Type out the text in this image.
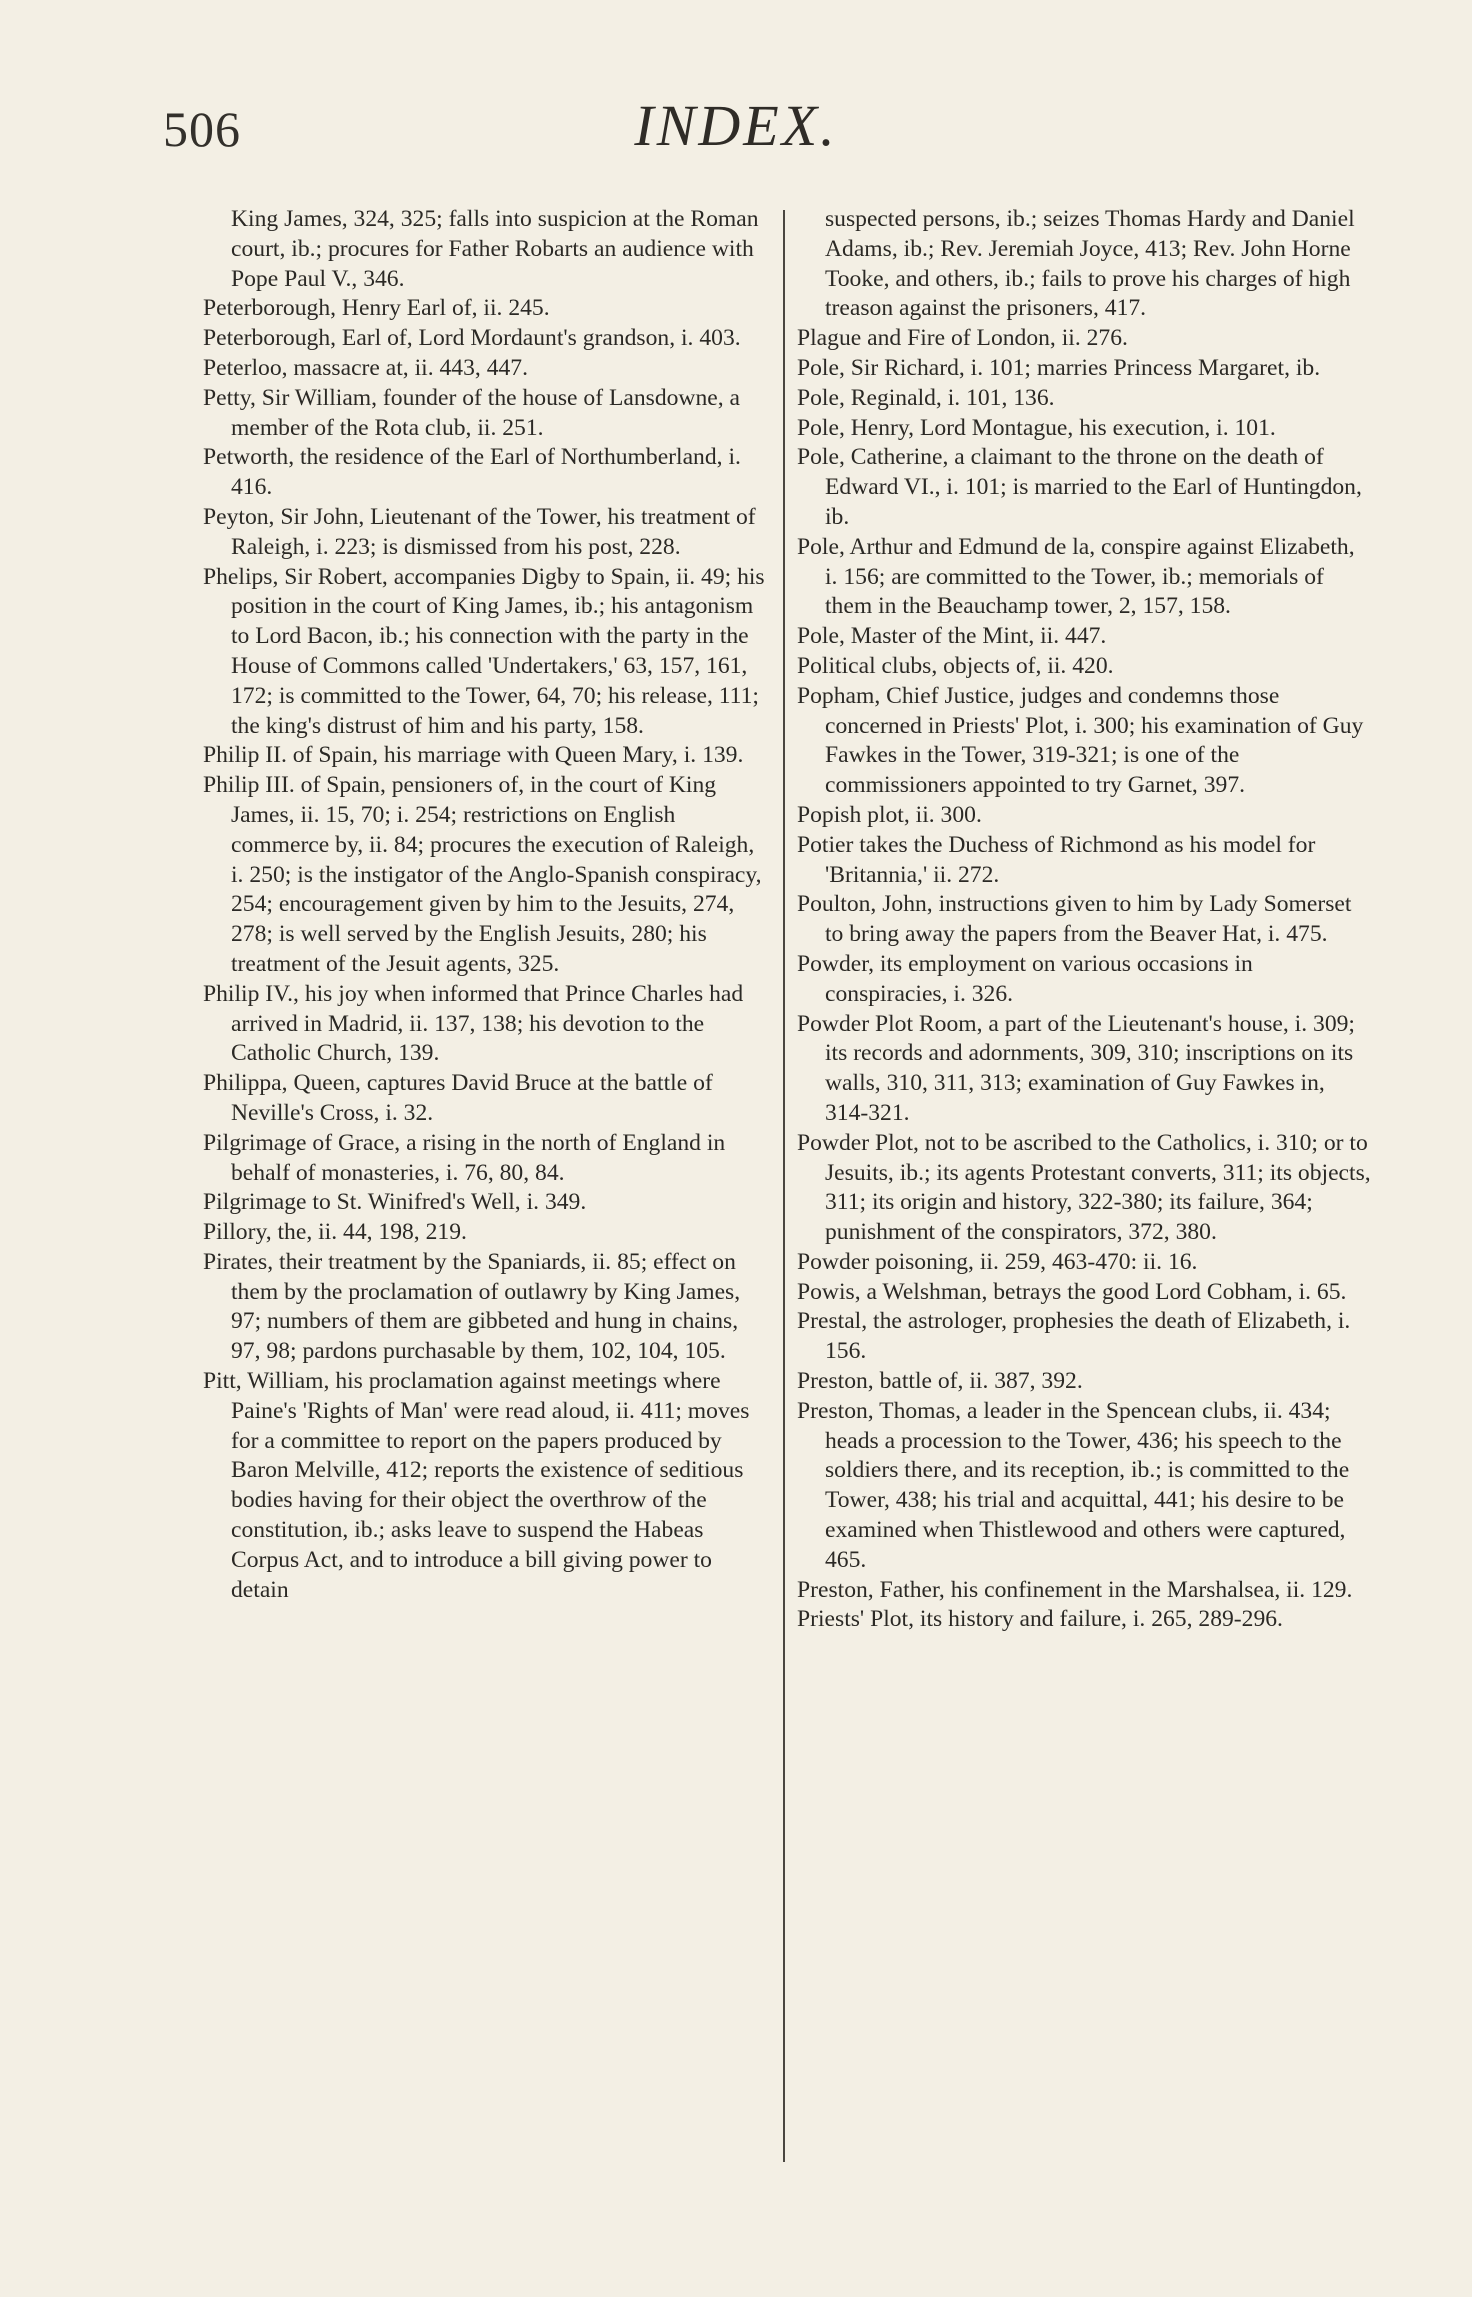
506	INDEX.

King James, 324, 325; falls into suspicion at the Roman court, ib.; procures for Father Robarts an audience with Pope Paul V., 346.

Peterborough, Henry Earl of, ii. 245.

Peterborough, Earl of, Lord Mordaunt's grandson, i. 403.

Peterloo, massacre at, ii. 443, 447.

Petty, Sir William, founder of the house of Lansdowne, a member of the Rota club, ii. 251.

Petworth, the residence of the Earl of Northumberland, i. 416.

Peyton, Sir John, Lieutenant of the Tower, his treatment of Raleigh, i. 223; is dismissed from his post, 228.

Phelips, Sir Robert, accompanies Digby to Spain, ii. 49; his position in the court of King James, ib.; his antagonism to Lord Bacon, ib.; his connection with the party in the House of Commons called 'Undertakers,' 63, 157, 161, 172; is committed to the Tower, 64, 70; his release, 111; the king's distrust of him and his party, 158.

Philip II. of Spain, his marriage with Queen Mary, i. 139.

Philip III. of Spain, pensioners of, in the court of King James, ii. 15, 70; i. 254; restrictions on English commerce by, ii. 84; procures the execution of Raleigh, i. 250; is the instigator of the Anglo-Spanish conspiracy, 254; encouragement given by him to the Jesuits, 274, 278; is well served by the English Jesuits, 280; his treatment of the Jesuit agents, 325.

Philip IV., his joy when informed that Prince Charles had arrived in Madrid, ii. 137, 138; his devotion to the Catholic Church, 139.

Philippa, Queen, captures David Bruce at the battle of Neville's Cross, i. 32.

Pilgrimage of Grace, a rising in the north of England in behalf of monasteries, i. 76, 80, 84.

Pilgrimage to St. Winifred's Well, i. 349.

Pillory, the, ii. 44, 198, 219.

Pirates, their treatment by the Spaniards, ii. 85; effect on them by the proclamation of outlawry by King James, 97; numbers of them are gibbeted and hung in chains, 97, 98; pardons purchasable by them, 102, 104, 105.

Pitt, William, his proclamation against meetings where Paine's 'Rights of Man' were read aloud, ii. 411; moves for a committee to report on the papers produced by Baron Melville, 412; reports the existence of seditious bodies having for their object the overthrow of the constitution, ib.; asks leave to suspend the Habeas Corpus Act, and to introduce a bill giving power to detain

suspected persons, ib.; seizes Thomas Hardy and Daniel Adams, ib.; Rev. Jeremiah Joyce, 413; Rev. John Horne Tooke, and others, ib.; fails to prove his charges of high treason against the prisoners, 417.

Plague and Fire of London, ii. 276.

Pole, Sir Richard, i. 101; marries Princess Margaret, ib.

Pole, Reginald, i. 101, 136.

Pole, Henry, Lord Montague, his execution, i. 101.

Pole, Catherine, a claimant to the throne on the death of Edward VI., i. 101; is married to the Earl of Huntingdon, ib.

Pole, Arthur and Edmund de la, conspire against Elizabeth, i. 156; are committed to the Tower, ib.; memorials of them in the Beauchamp tower, 2, 157, 158.

Pole, Master of the Mint, ii. 447.

Political clubs, objects of, ii. 420.

Popham, Chief Justice, judges and condemns those concerned in Priests' Plot, i. 300; his examination of Guy Fawkes in the Tower, 319-321; is one of the commissioners appointed to try Garnet, 397.

Popish plot, ii. 300.

Potier takes the Duchess of Richmond as his model for 'Britannia,' ii. 272.

Poulton, John, instructions given to him by Lady Somerset to bring away the papers from the Beaver Hat, i. 475.

Powder, its employment on various occasions in conspiracies, i. 326.

Powder Plot Room, a part of the Lieutenant's house, i. 309; its records and adornments, 309, 310; inscriptions on its walls, 310, 311, 313; examination of Guy Fawkes in, 314-321.

Powder Plot, not to be ascribed to the Catholics, i. 310; or to Jesuits, ib.; its agents Protestant converts, 311; its objects, 311; its origin and history, 322-380; its failure, 364; punishment of the conspirators, 372, 380.

Powder poisoning, ii. 259, 463-470: ii. 16.

Powis, a Welshman, betrays the good Lord Cobham, i. 65.

Prestal, the astrologer, prophesies the death of Elizabeth, i. 156.

Preston, battle of, ii. 387, 392.

Preston, Thomas, a leader in the Spencean clubs, ii. 434; heads a procession to the Tower, 436; his speech to the soldiers there, and its reception, ib.; is committed to the Tower, 438; his trial and acquittal, 441; his desire to be examined when Thistlewood and others were captured, 465.

Preston, Father, his confinement in the Marshalsea, ii. 129.

Priests' Plot, its history and failure, i. 265, 289-296.
